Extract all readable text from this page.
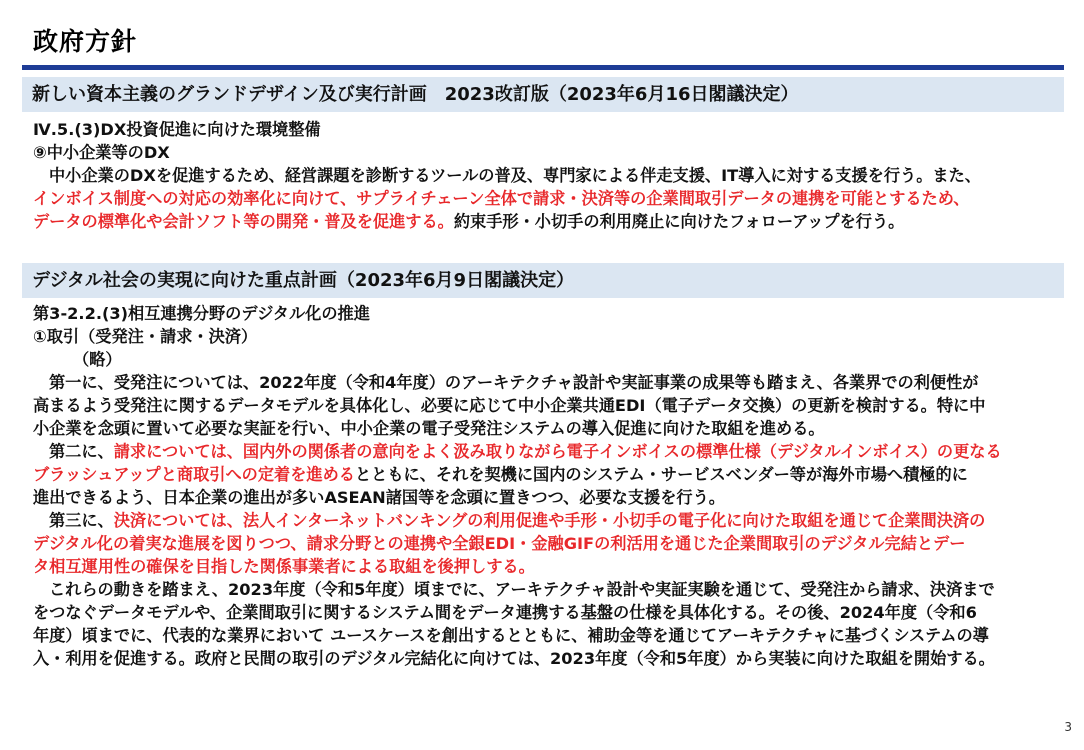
政府方針
新しい資本主義のグランドデザイン及び実行計画　2023改訂版（2023年6月16日閣議決定）
Ⅳ.5.(3)DX投資促進に向けた環境整備
⑨中小企業等のDX
中小企業のDXを促進するため、経営課題を診断するツールの普及、専門家による伴走支援、IT導入に対する支援を行う。また、
インボイス制度への対応の効率化に向けて、サプライチェーン全体で請求・決済等の企業間取引データの連携を可能とするため、
データの標準化や会計ソフト等の開発・普及を促進する。約束手形・小切手の利用廃止に向けたフォローアップを行う。
デジタル社会の実現に向けた重点計画（2023年6月9日閣議決定）
第3-2.2.(3)相互連携分野のデジタル化の推進
①取引（受発注・請求・決済）
（略）
第一に、受発注については、2022年度（令和4年度）のアーキテクチャ設計や実証事業の成果等も踏まえ、各業界での利便性が
高まるよう受発注に関するデータモデルを具体化し、必要に応じて中小企業共通EDI（電子データ交換）の更新を検討する。特に中
小企業を念頭に置いて必要な実証を行い、中小企業の電子受発注システムの導入促進に向けた取組を進める。
第二に、請求については、国内外の関係者の意向をよく汲み取りながら電子インボイスの標準仕様（デジタルインボイス）の更なる
ブラッシュアップと商取引への定着を進めるとともに、それを契機に国内のシステム・サービスベンダー等が海外市場へ積極的に
進出できるよう、日本企業の進出が多いASEAN諸国等を念頭に置きつつ、必要な支援を行う。
第三に、決済については、法人インターネットバンキングの利用促進や手形・小切手の電子化に向けた取組を通じて企業間決済の
デジタル化の着実な進展を図りつつ、請求分野との連携や全銀EDI・金融GIFの利活用を通じた企業間取引のデジタル完結とデー
タ相互運用性の確保を目指した関係事業者による取組を後押しする。
これらの動きを踏まえ、2023年度（令和5年度）頃までに、アーキテクチャ設計や実証実験を通じて、受発注から請求、決済まで
をつなぐデータモデルや、企業間取引に関するシステム間をデータ連携する基盤の仕様を具体化する。その後、2024年度（令和6
年度）頃までに、代表的な業界において ユースケースを創出するとともに、補助金等を通じてアーキテクチャに基づくシステムの導
入・利用を促進する。政府と民間の取引のデジタル完結化に向けては、2023年度（令和5年度）から実装に向けた取組を開始する。
3
